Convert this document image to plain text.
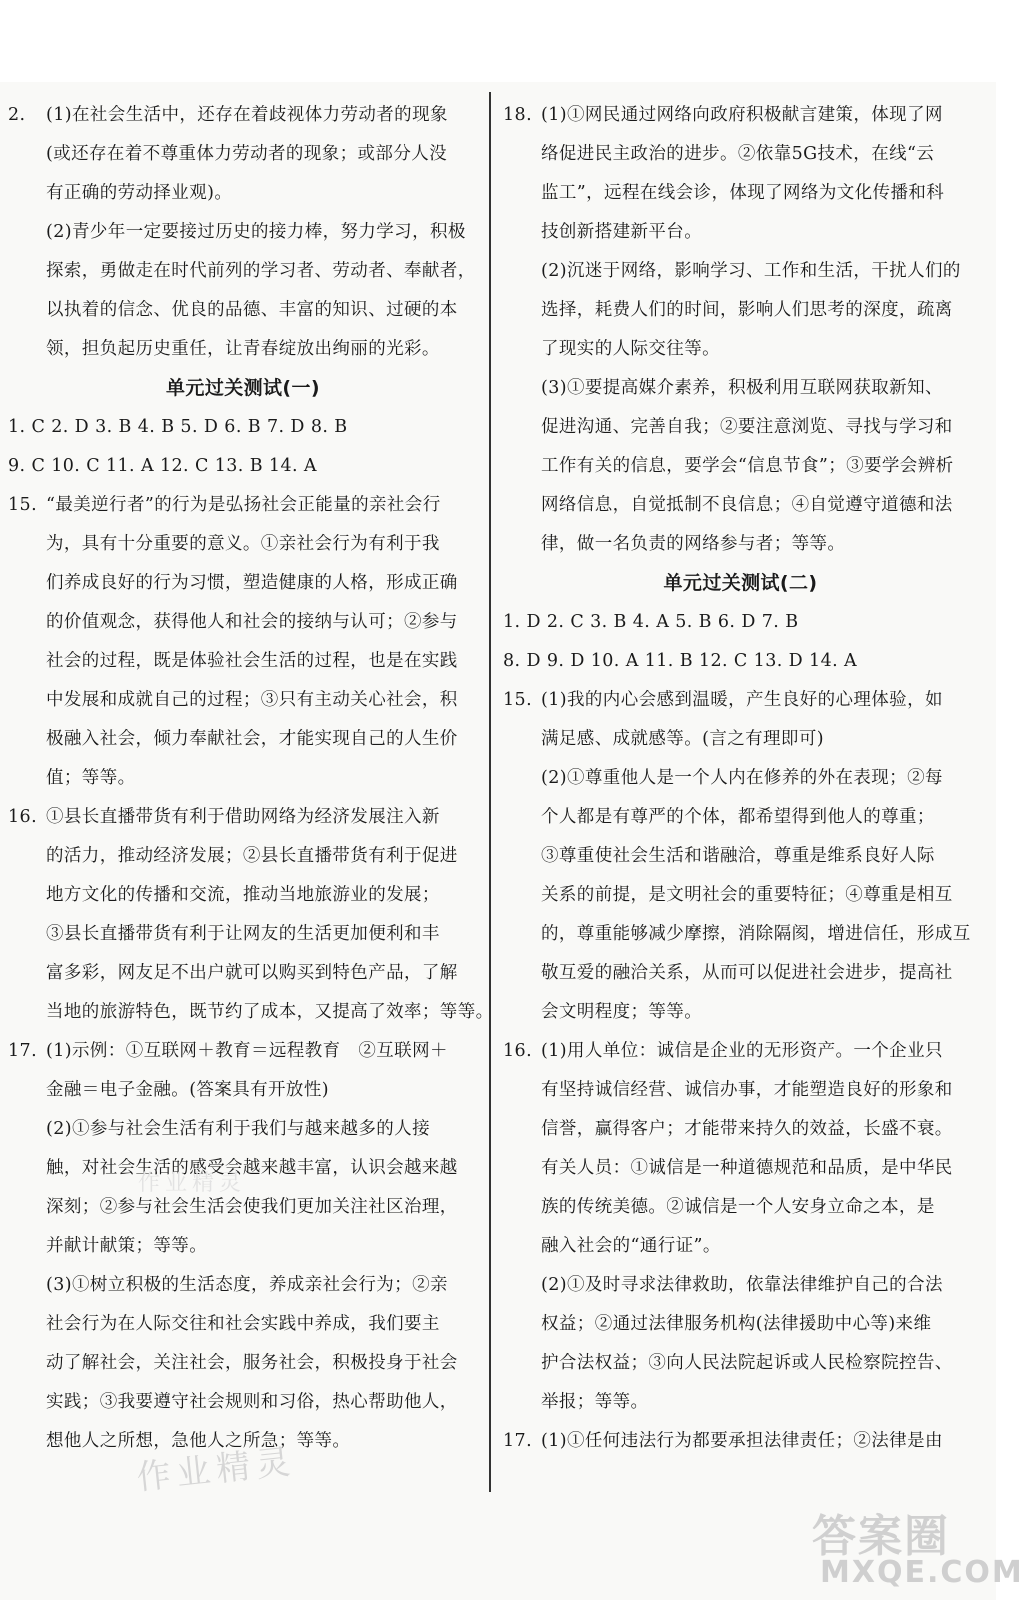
2. (1)在社会生活中，还存在着歧视体力劳动者的现象
(或还存在着不尊重体力劳动者的现象；或部分人没
有正确的劳动择业观)。
(2)青少年一定要接过历史的接力棒，努力学习，积极
探索，勇做走在时代前列的学习者、劳动者、奉献者，
以执着的信念、优良的品德、丰富的知识、过硬的本
领，担负起历史重任，让青春绽放出绚丽的光彩。
单元过关测试(一)
1. C 2. D 3. B 4. B 5. D 6. B 7. D 8. B
9. C 10. C 11. A 12. C 13. B 14. A
15. “最美逆行者”的行为是弘扬社会正能量的亲社会行
为，具有十分重要的意义。①亲社会行为有利于我
们养成良好的行为习惯，塑造健康的人格，形成正确
的价值观念，获得他人和社会的接纳与认可；②参与
社会的过程，既是体验社会生活的过程，也是在实践
中发展和成就自己的过程；③只有主动关心社会，积
极融入社会，倾力奉献社会，才能实现自己的人生价
值；等等。
16. ①县长直播带货有利于借助网络为经济发展注入新
的活力，推动经济发展；②县长直播带货有利于促进
地方文化的传播和交流，推动当地旅游业的发展；
③县长直播带货有利于让网友的生活更加便利和丰
富多彩，网友足不出户就可以购买到特色产品，了解
当地的旅游特色，既节约了成本，又提高了效率；等等。
17. (1)示例：①互联网＋教育＝远程教育　②互联网＋
金融＝电子金融。(答案具有开放性)
(2)①参与社会生活有利于我们与越来越多的人接
触，对社会生活的感受会越来越丰富，认识会越来越
深刻；②参与社会生活会使我们更加关注社区治理，
并献计献策；等等。
(3)①树立积极的生活态度，养成亲社会行为；②亲
社会行为在人际交往和社会实践中养成，我们要主
动了解社会，关注社会，服务社会，积极投身于社会
实践；③我要遵守社会规则和习俗，热心帮助他人，
想他人之所想，急他人之所急；等等。
18. (1)①网民通过网络向政府积极献言建策，体现了网
络促进民主政治的进步。②依靠5G技术，在线“云
监工”，远程在线会诊，体现了网络为文化传播和科
技创新搭建新平台。
(2)沉迷于网络，影响学习、工作和生活，干扰人们的
选择，耗费人们的时间，影响人们思考的深度，疏离
了现实的人际交往等。
(3)①要提高媒介素养，积极利用互联网获取新知、
促进沟通、完善自我；②要注意浏览、寻找与学习和
工作有关的信息，要学会“信息节食”；③要学会辨析
网络信息，自觉抵制不良信息；④自觉遵守道德和法
律，做一名负责的网络参与者；等等。
单元过关测试(二)
1. D 2. C 3. B 4. A 5. B 6. D 7. B
8. D 9. D 10. A 11. B 12. C 13. D 14. A
15. (1)我的内心会感到温暖，产生良好的心理体验，如
满足感、成就感等。(言之有理即可)
(2)①尊重他人是一个人内在修养的外在表现；②每
个人都是有尊严的个体，都希望得到他人的尊重；
③尊重使社会生活和谐融洽，尊重是维系良好人际
关系的前提，是文明社会的重要特征；④尊重是相互
的，尊重能够减少摩擦，消除隔阂，增进信任，形成互
敬互爱的融洽关系，从而可以促进社会进步，提高社
会文明程度；等等。
16. (1)用人单位：诚信是企业的无形资产。一个企业只
有坚持诚信经营、诚信办事，才能塑造良好的形象和
信誉，赢得客户；才能带来持久的效益，长盛不衰。
有关人员：①诚信是一种道德规范和品质，是中华民
族的传统美德。②诚信是一个人安身立命之本，是
融入社会的“通行证”。
(2)①及时寻求法律救助，依靠法律维护自己的合法
权益；②通过法律服务机构(法律援助中心等)来维
护合法权益；③向人民法院起诉或人民检察院控告、
举报；等等。
17. (1)①任何违法行为都要承担法律责任；②法律是由
作业精灵
作业精灵
答案圈
MXQE.COM
